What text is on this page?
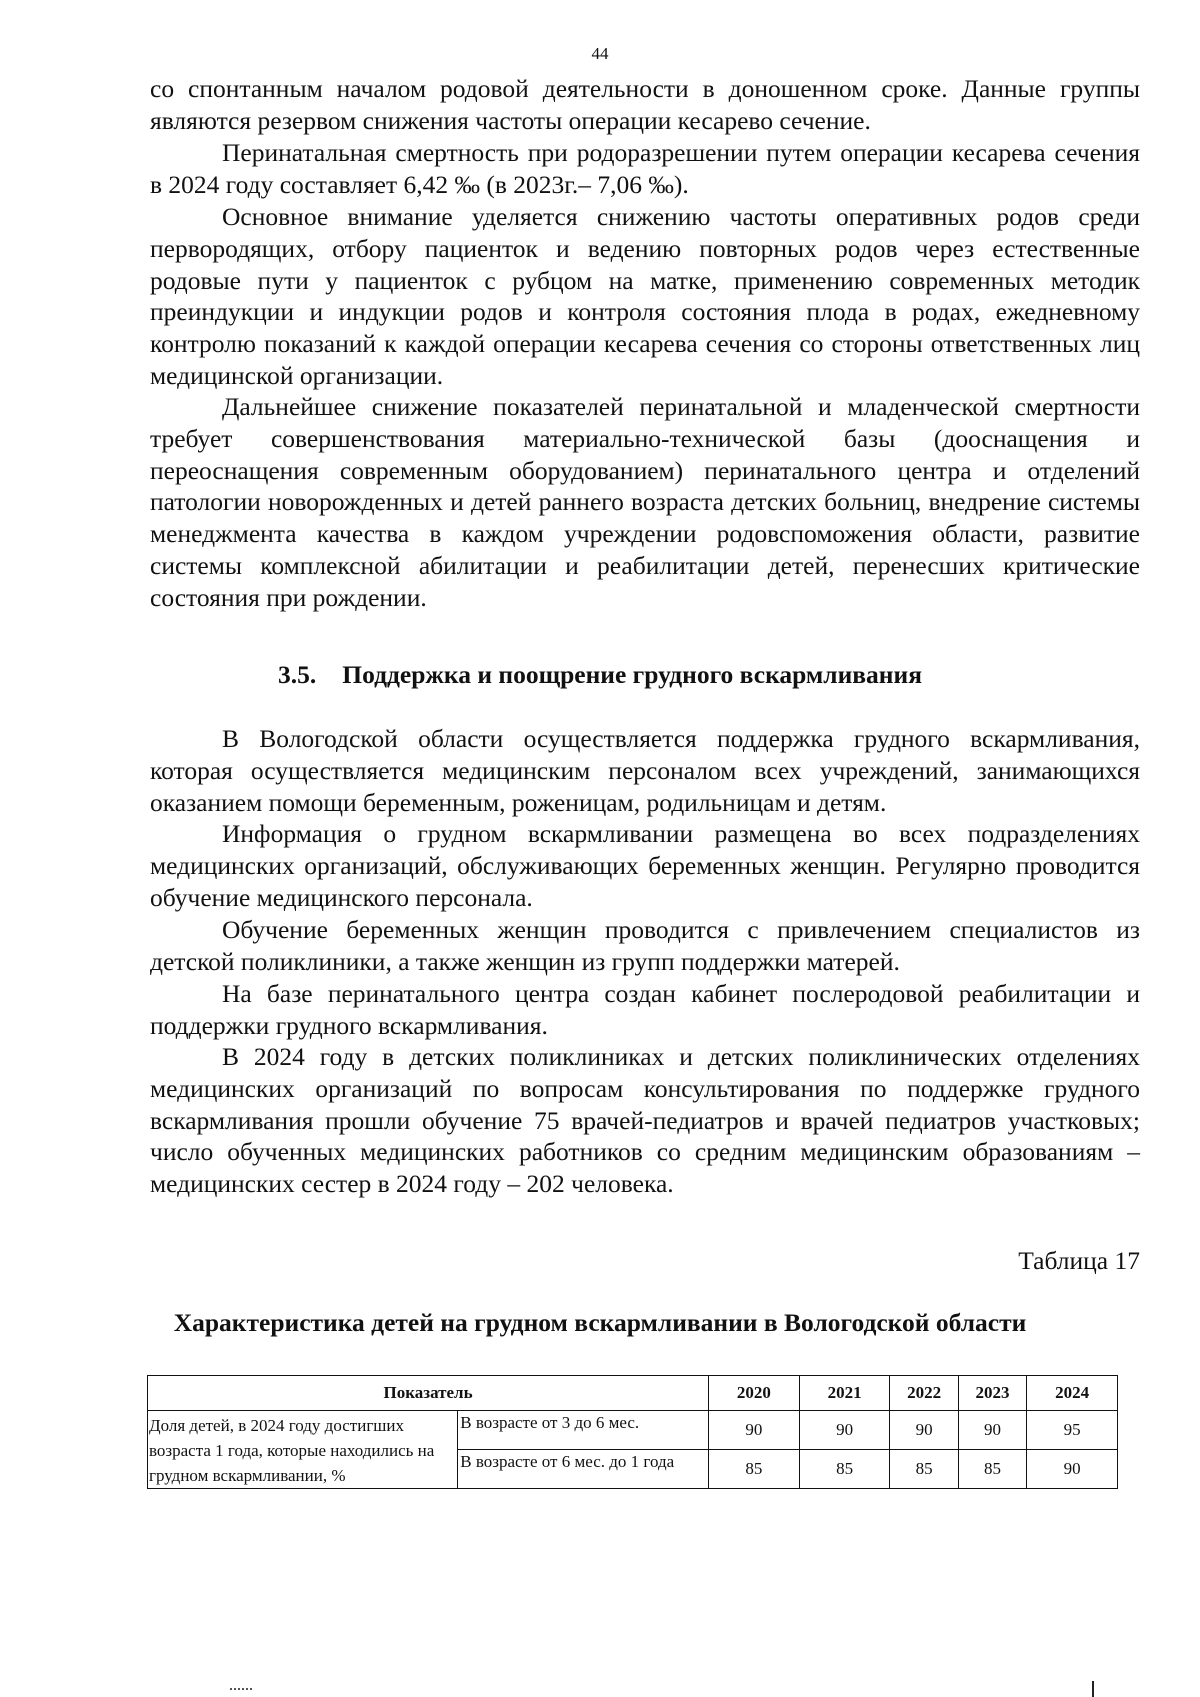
44

со спонтанным началом родовой деятельности в доношенном сроке. Данные группы являются резервом снижения частоты операции кесарево сечение.

Перинатальная смертность при родоразрешении путем операции кесарева сечения в 2024 году составляет 6,42 ‰ (в 2023г.– 7,06 ‰).

Основное внимание уделяется снижению частоты оперативных родов среди первородящих, отбору пациенток и ведению повторных родов через естественные родовые пути у пациенток с рубцом на матке, применению современных методик преиндукции и индукции родов и контроля состояния плода в родах, ежедневному контролю показаний к каждой операции кесарева сечения со стороны ответственных лиц медицинской организации.

Дальнейшее снижение показателей перинатальной и младенческой смертности требует совершенствования материально-технической базы (дооснащения и переоснащения современным оборудованием) перинатального центра и отделений патологии новорожденных и детей раннего возраста детских больниц, внедрение системы менеджмента качества в каждом учреждении родовспоможения области, развитие системы комплексной абилитации и реабилитации детей, перенесших критические состояния при рождении.

3.5. Поддержка и поощрение грудного вскармливания

В Вологодской области осуществляется поддержка грудного вскармливания, которая осуществляется медицинским персоналом всех учреждений, занимающихся оказанием помощи беременным, роженицам, родильницам и детям.

Информация о грудном вскармливании размещена во всех подразделениях медицинских организаций, обслуживающих беременных женщин. Регулярно проводится обучение медицинского персонала.

Обучение беременных женщин проводится с привлечением специалистов из детской поликлиники, а также женщин из групп поддержки матерей.

На базе перинатального центра создан кабинет послеродовой реабилитации и поддержки грудного вскармливания.

В 2024 году в детских поликлиниках и детских поликлинических отделениях медицинских организаций по вопросам консультирования по поддержке грудного вскармливания прошли обучение 75 врачей-педиатров и врачей педиатров участковых; число обученных медицинских работников со средним медицинским образованиям – медицинских сестер в 2024 году – 202 человека.

Таблица 17
Характеристика детей на грудном вскармливании в Вологодской области
Показатель		2020	2021	2022	2023	2024
Доля детей, в 2024 году достигших возраста 1 года, которые находились на грудном вскармливании, %	В возрасте от 3 до 6 мес.	90	90	90	90	95
	В возрасте от 6 мес. до 1 года	85	85	85	85	90
